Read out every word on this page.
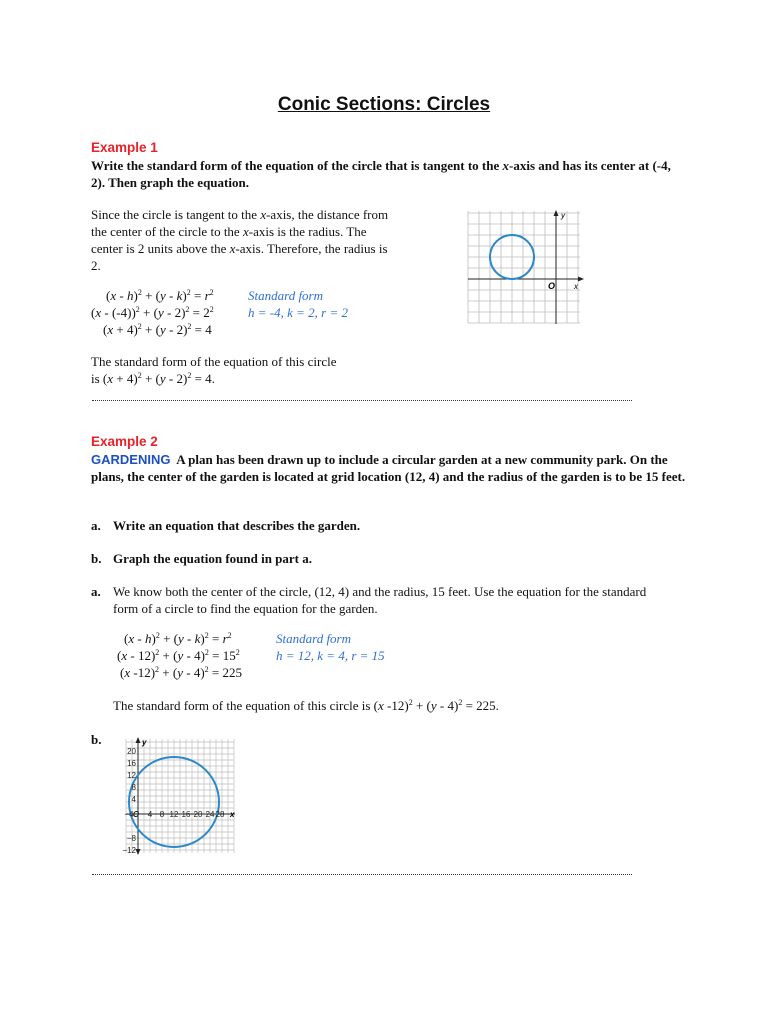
Conic Sections: Circles
Example 1
Write the standard form of the equation of the circle that is tangent to the x-axis and has its center at (-4, 2). Then graph the equation.
Since the circle is tangent to the x-axis, the distance from the center of the circle to the x-axis is the radius. The center is 2 units above the x-axis. Therefore, the radius is 2.
$(x - h)^2 + (y - k)^2 = r^2$
$(x - (-4))^2 + (y - 2)^2 = 2^2$
$(x + 4)^2 + (y - 2)^2 = 4$
Standard form
h = -4, k = 2, r = 2
The standard form of the equation of this circle
is $(x + 4)^2 + (y - 2)^2 = 4$.
O x
y
Example 2
GARDENING A plan has been drawn up to include a circular garden at a new community park. On the plans, the center of the garden is located at grid location (12, 4) and the radius of the garden is to be 15 feet.
a. Write an equation that describes the garden.
b. Graph the equation found in part a.
a. We know both the center of the circle, (12, 4) and the radius, 15 feet. Use the equation for the standard form of a circle to find the equation for the garden.
$(x - h)^2 + (y - k)^2 = r^2$
$(x - 12)^2 + (y - 4)^2 = 15^2$
(x -12)$^2$ + (y - 4)$^2$ = 225
Standard form
h = 12, k = 4, r = 15
The standard form of the equation of this circle is (x -12)$^2$ + (y - 4)$^2$ = 225.
b.
20
16
12
8
4
−8
−12
−4 O 4 8 12 16 20 24 28 x
y
